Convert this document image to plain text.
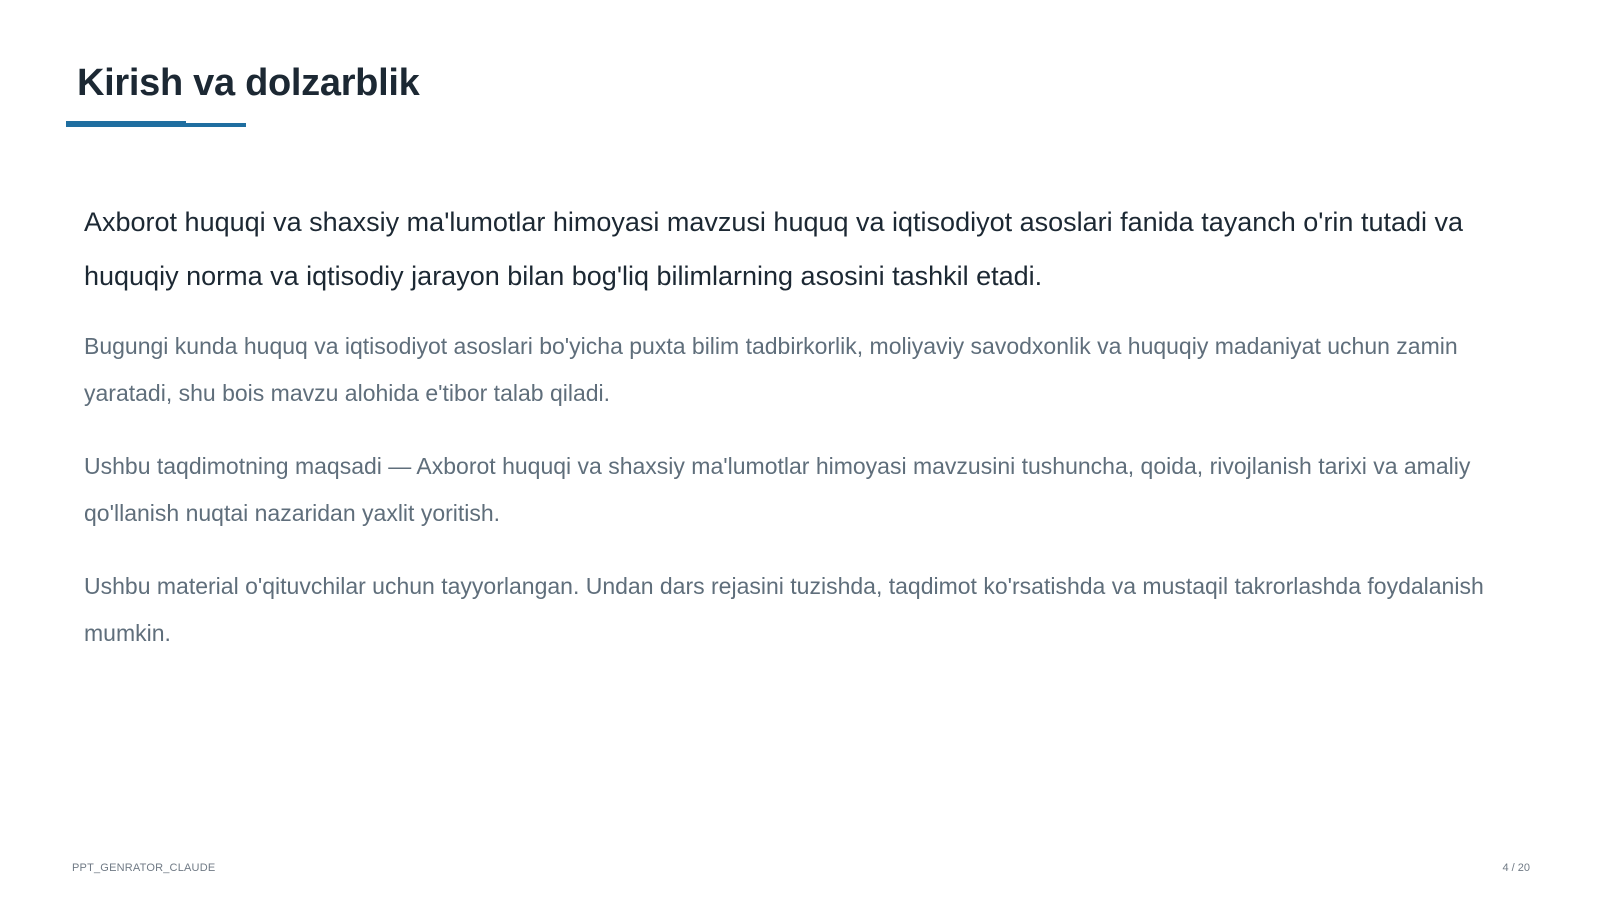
Kirish va dolzarblik

Axborot huquqi va shaxsiy ma'lumotlar himoyasi mavzusi huquq va iqtisodiyot asoslari fanida tayanch o'rin tutadi va huquqiy norma va iqtisodiy jarayon bilan bog'liq bilimlarning asosini tashkil etadi.

Bugungi kunda huquq va iqtisodiyot asoslari bo'yicha puxta bilim tadbirkorlik, moliyaviy savodxonlik va huquqiy madaniyat uchun zamin yaratadi, shu bois mavzu alohida e'tibor talab qiladi.

Ushbu taqdimotning maqsadi — Axborot huquqi va shaxsiy ma'lumotlar himoyasi mavzusini tushuncha, qoida, rivojlanish tarixi va amaliy qo'llanish nuqtai nazaridan yaxlit yoritish.

Ushbu material o'qituvchilar uchun tayyorlangan. Undan dars rejasini tuzishda, taqdimot ko'rsatishda va mustaqil takrorlashda foydalanish mumkin.

PPT_GENRATOR_CLAUDE	4 / 20
